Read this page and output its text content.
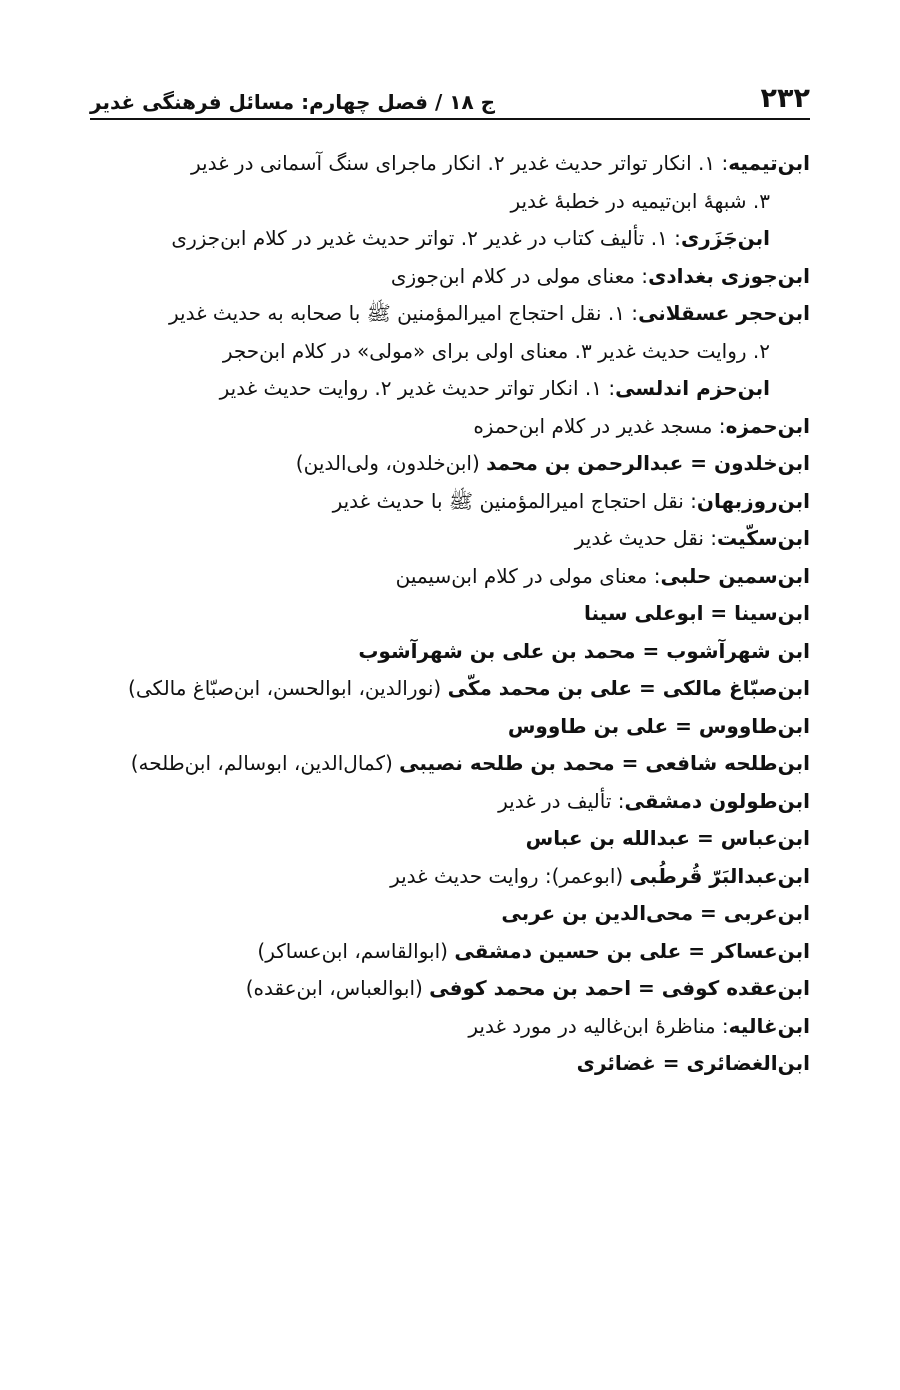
۲۳۲
ج ۱۸ / فصل چهارم: مسائل فرهنگی غدیر
ابن‌تیمیه: ۱. انکار تواتر حدیث غدیر ۲. انکار ماجرای سنگ آسمانی در غدیر
۳. شبههٔ ابن‌تیمیه در خطبهٔ غدیر
ابن‌جَزَری: ۱. تألیف کتاب در غدیر ۲. تواتر حدیث غدیر در کلام ابن‌جزری
ابن‌جوزی بغدادی: معنای مولی در کلام ابن‌جوزی
ابن‌حجر عسقلانی: ۱. نقل احتجاج امیرالمؤمنین ﷺ با صحابه به حدیث غدیر
۲. روایت حدیث غدیر ۳. معنای اولی برای «مولی» در کلام ابن‌حجر
ابن‌حزم اندلسی: ۱. انکار تواتر حدیث غدیر ۲. روایت حدیث غدیر
ابن‌حمزه: مسجد غدیر در کلام ابن‌حمزه
ابن‌خلدون = عبدالرحمن بن محمد (ابن‌خلدون، ولی‌الدین)
ابن‌روزبهان: نقل احتجاج امیرالمؤمنین ﷺ با حدیث غدیر
ابن‌سکّیت: نقل حدیث غدیر
ابن‌سمین حلبی: معنای مولی در کلام ابن‌سیمین
ابن‌سینا = ابوعلی سینا
ابن شهرآشوب = محمد بن علی بن شهرآشوب
ابن‌صبّاغ مالکی = علی بن محمد مکّی (نورالدین، ابوالحسن، ابن‌صبّاغ مالکی)
ابن‌طاووس = علی بن طاووس
ابن‌طلحه شافعی = محمد بن طلحه نصیبی (کمال‌الدین، ابوسالم، ابن‌طلحه)
ابن‌طولون دمشقی: تألیف در غدیر
ابن‌عباس = عبدالله بن عباس
ابن‌عبدالبَرّ قُرطُبی (ابوعمر): روایت حدیث غدیر
ابن‌عربی = محی‌الدین بن عربی
ابن‌عساکر = علی بن حسین دمشقی (ابوالقاسم، ابن‌عساکر)
ابن‌عقده کوفی = احمد بن محمد کوفی (ابوالعباس، ابن‌عقده)
ابن‌غالیه: مناظرهٔ ابن‌غالیه در مورد غدیر
ابن‌الغضائری = غضائری
